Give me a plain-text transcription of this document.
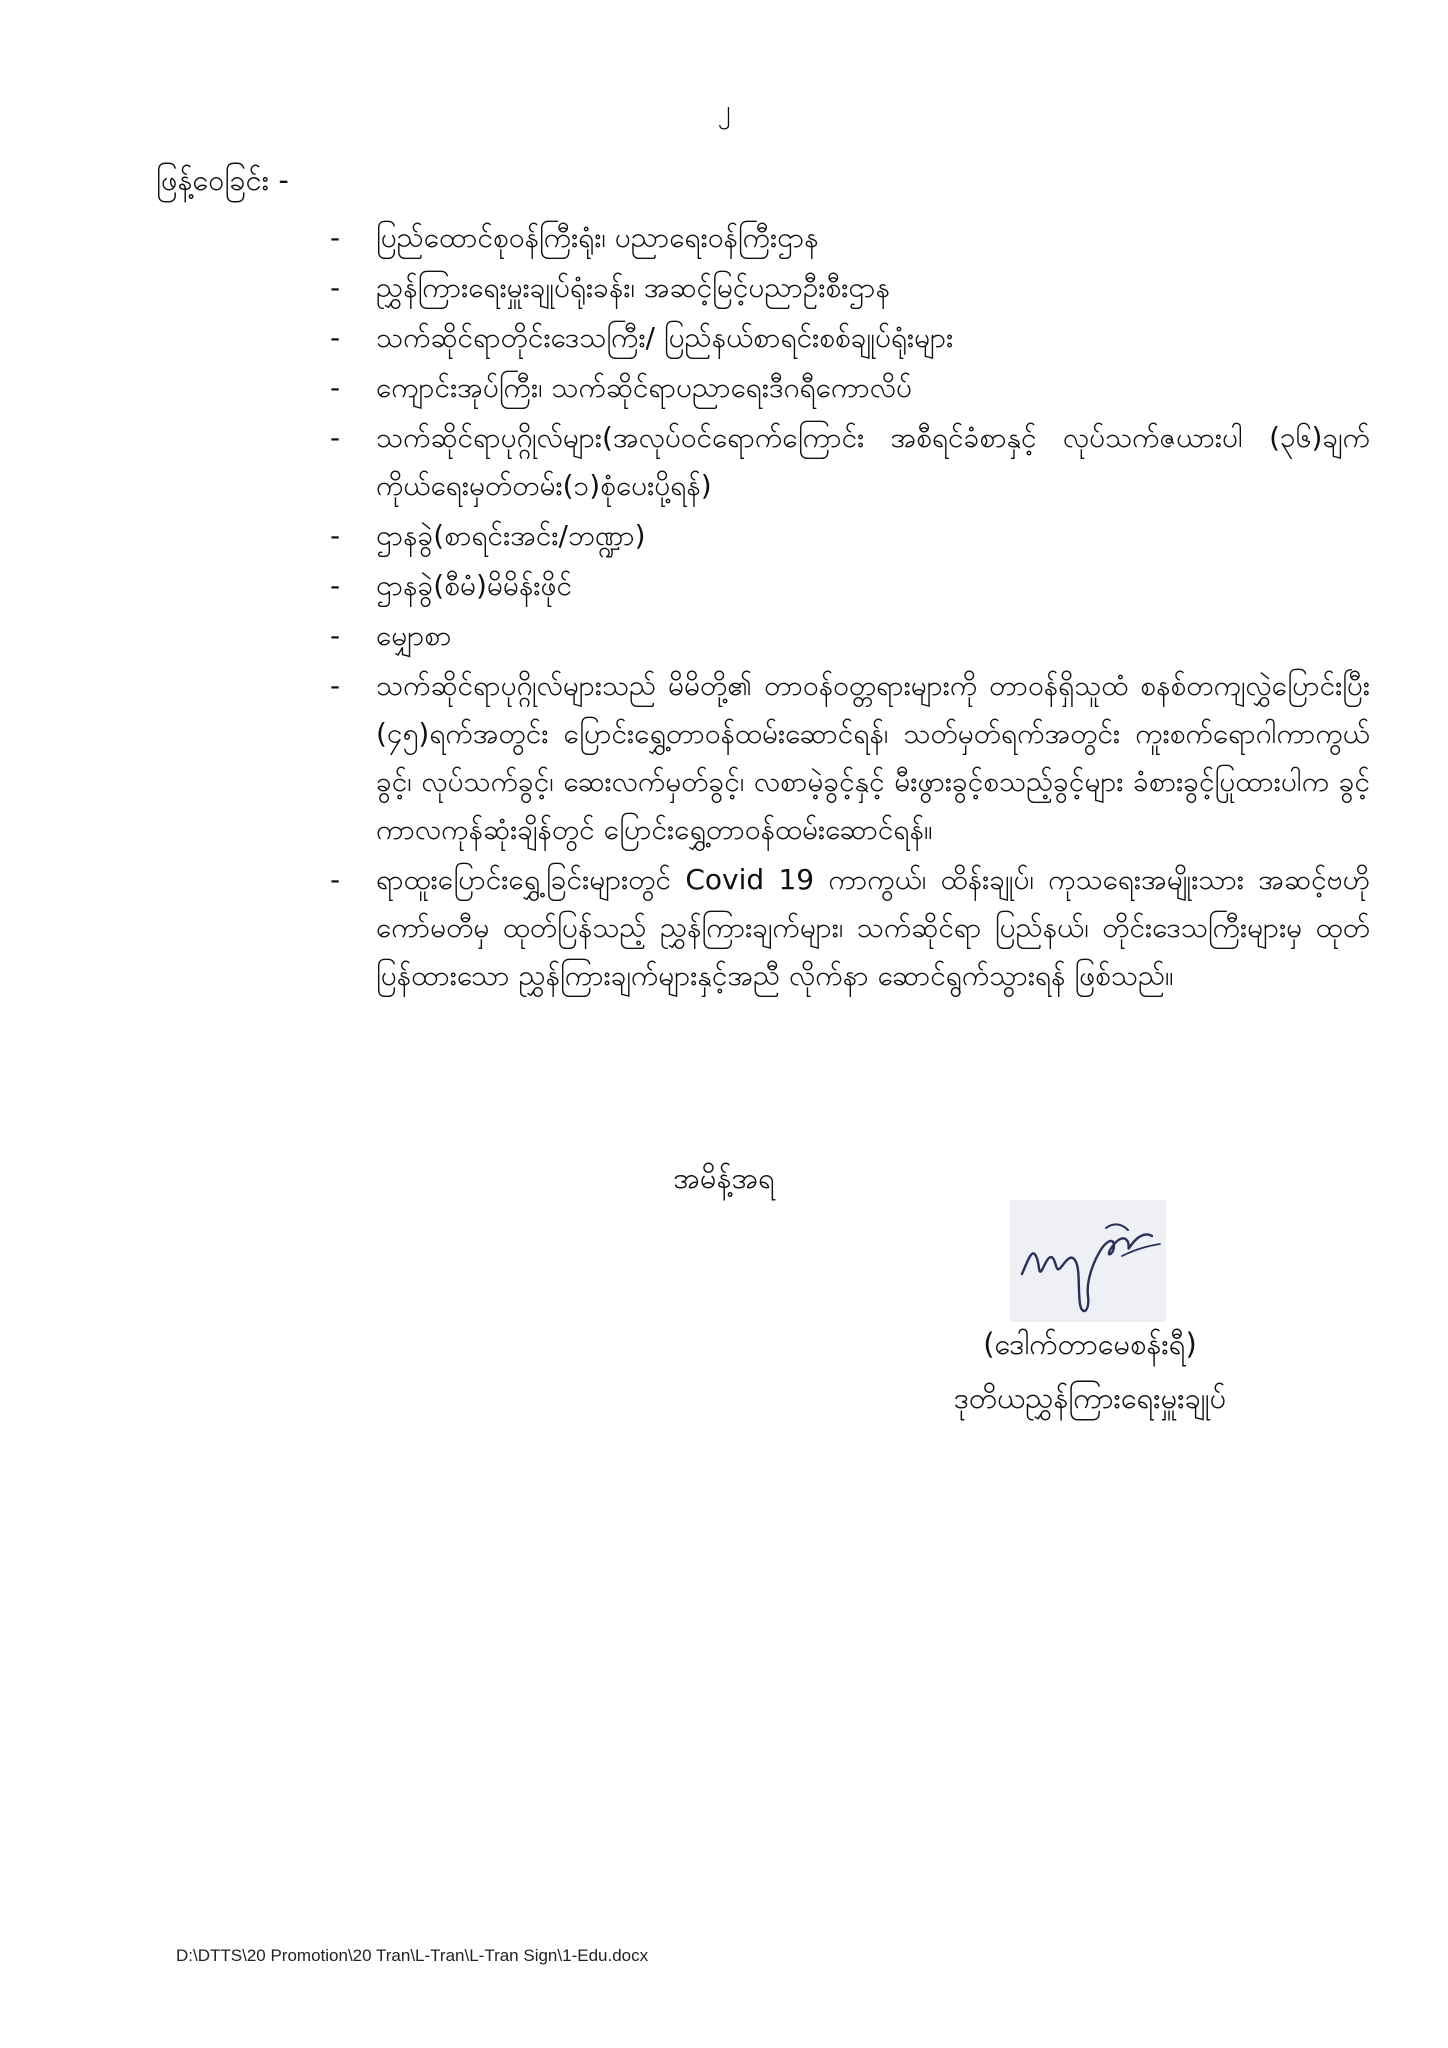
၂
ဖြန့်ဝေခြင်း -
-	ပြည်ထောင်စုဝန်ကြီးရုံး၊ ပညာရေးဝန်ကြီးဌာန
-	ညွှန်ကြားရေးမှူးချုပ်ရုံးခန်း၊ အဆင့်မြင့်ပညာဦးစီးဌာန
-	သက်ဆိုင်ရာတိုင်းဒေသကြီး/ ပြည်နယ်စာရင်းစစ်ချုပ်ရုံးများ
-	ကျောင်းအုပ်ကြီး၊ သက်ဆိုင်ရာပညာရေးဒီဂရီကောလိပ်
-	သက်ဆိုင်ရာပုဂ္ဂိုလ်များ(အလုပ်ဝင်ရောက်ကြောင်း အစီရင်ခံစာနှင့် လုပ်သက်ဇယားပါ (၃၆)ချက်ကိုယ်ရေးမှတ်တမ်း(၁)စုံပေးပို့ရန်)
-	ဌာနခွဲ(စာရင်းအင်း/ဘဏ္ဍာ)
-	ဌာနခွဲ(စီမံ)မိမိန်းဖိုင်
-	မျှောစာ
-	သက်ဆိုင်ရာပုဂ္ဂိုလ်များသည် မိမိတို့၏ တာဝန်ဝတ္တရားများကို တာဝန်ရှိသူထံ စနစ်တကျလွှဲပြောင်းပြီး (၄၅)ရက်အတွင်း ပြောင်းရွှေ့တာဝန်ထမ်းဆောင်ရန်၊ သတ်မှတ်ရက်အတွင်း ကူးစက်ရောဂါကာကွယ်ခွင့်၊ လုပ်သက်ခွင့်၊ ဆေးလက်မှတ်ခွင့်၊ လစာမဲ့ခွင့်နှင့် မီးဖွားခွင့်စသည့်ခွင့်များ ခံစားခွင့်ပြုထားပါက ခွင့်ကာလကုန်ဆုံးချိန်တွင် ပြောင်းရွှေ့တာဝန်ထမ်းဆောင်ရန်။
-	ရာထူးပြောင်းရွှေ့ခြင်းများတွင် Covid 19 ကာကွယ်၊ ထိန်းချုပ်၊ ကုသရေးအမျိုးသား အဆင့်ဗဟိုကော်မတီမှ ထုတ်ပြန်သည့် ညွှန်ကြားချက်များ၊ သက်ဆိုင်ရာ ပြည်နယ်၊ တိုင်းဒေသကြီးများမှ ထုတ်ပြန်ထားသော ညွှန်ကြားချက်များနှင့်အညီ လိုက်နာ ဆောင်ရွက်သွားရန် ဖြစ်သည်။
အမိန့်အရ
(ဒေါက်တာမေစန်းရီ)
ဒုတိယညွှန်ကြားရေးမှူးချုပ်
D:\DTTS\20 Promotion\20 Tran\L-Tran\L-Tran Sign\1-Edu.docx
